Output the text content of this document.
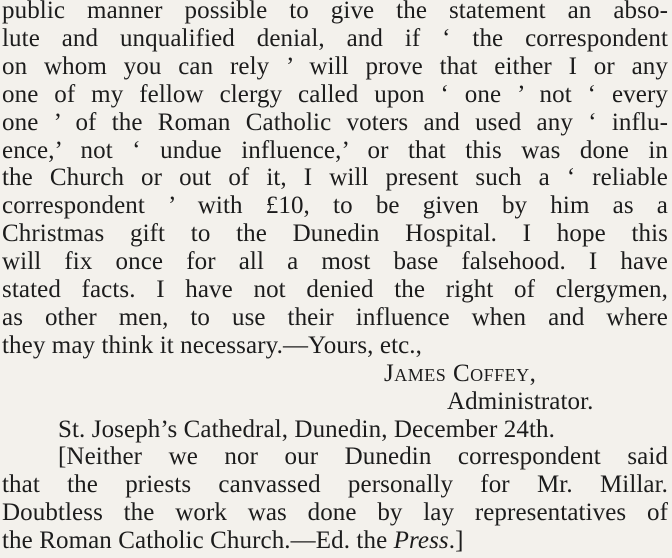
public manner possible to give the statement an abso-
lute and unqualified denial, and if ‘ the correspondent
on whom you can rely ’ will prove that either I or any
one of my fellow clergy called upon ‘ one ’ not ‘ every
one ’ of the Roman Catholic voters and used any ‘ influ-
ence,’ not ‘ undue influence,’ or that this was done in
the Church or out of it, I will present such a ‘ reliable
correspondent ’ with £10, to be given by him as a
Christmas gift to the Dunedin Hospital. I hope this
will fix once for all a most base falsehood. I have
stated facts. I have not denied the right of clergymen,
as other men, to use their influence when and where
they may think it necessary.—Yours, etc.,
James Coffey,
Administrator.
St. Joseph’s Cathedral, Dunedin, December 24th.
[Neither we nor our Dunedin correspondent said
that the priests canvassed personally for Mr. Millar.
Doubtless the work was done by lay representatives of
the Roman Catholic Church.—Ed. the Press.]
